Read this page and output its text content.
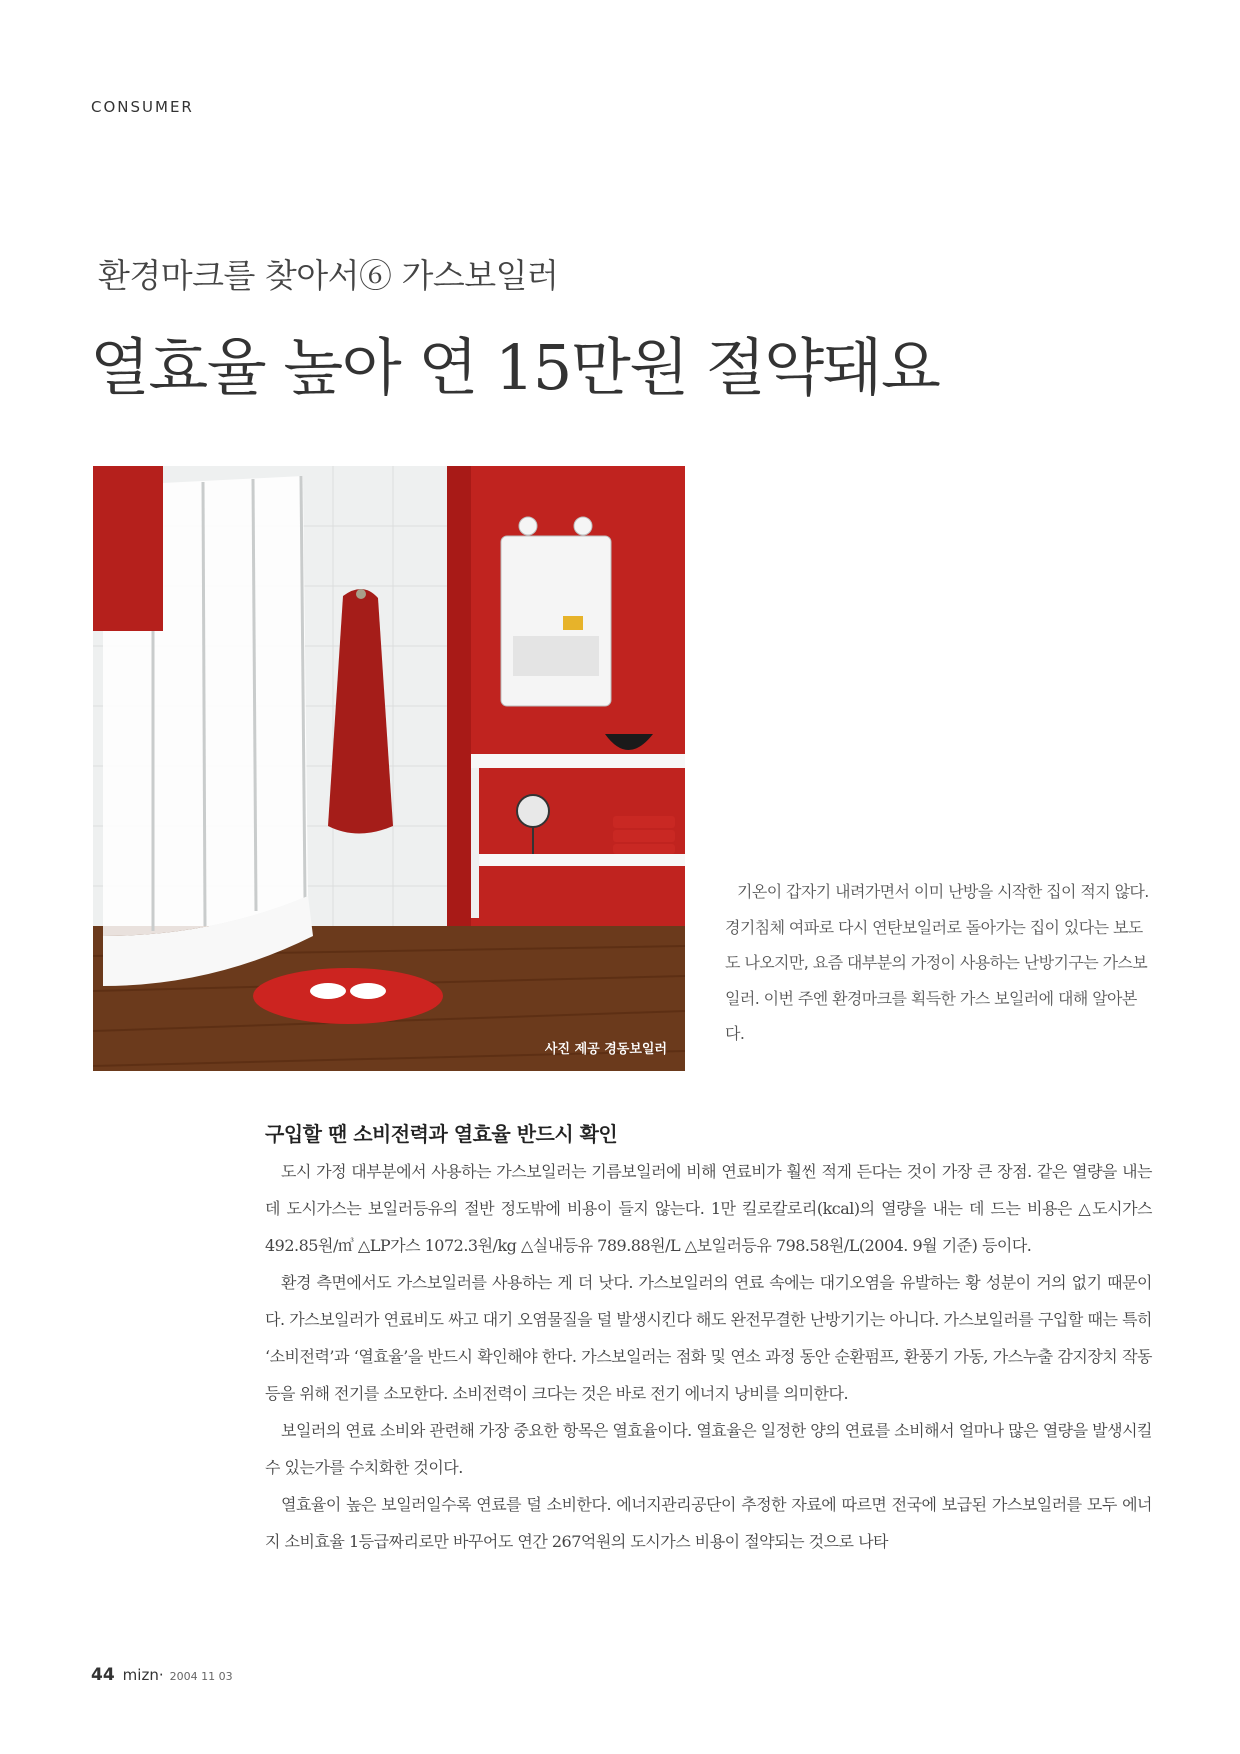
CONSUMER
환경마크를 찾아서⑥ 가스보일러
열효율 높아 연 15만원 절약돼요
사진 제공 경동보일러
기온이 갑자기 내려가면서 이미 난방을 시작한 집이 적지 않다. 경기침체 여파로 다시 연탄보일러로 돌아가는 집이 있다는 보도도 나오지만, 요즘 대부분의 가정이 사용하는 난방기구는 가스보일러. 이번 주엔 환경마크를 획득한 가스 보일러에 대해 알아본다.
구입할 땐 소비전력과 열효율 반드시 확인

도시 가정 대부분에서 사용하는 가스보일러는 기름보일러에 비해 연료비가 훨씬 적게 든다는 것이 가장 큰 장점. 같은 열량을 내는 데 도시가스는 보일러등유의 절반 정도밖에 비용이 들지 않는다. 1만 킬로칼로리(kcal)의 열량을 내는 데 드는 비용은 △도시가스 492.85원/㎥ △LP가스 1072.3원/kg △실내등유 789.88원/L △보일러등유 798.58원/L(2004. 9월 기준) 등이다.

환경 측면에서도 가스보일러를 사용하는 게 더 낫다. 가스보일러의 연료 속에는 대기오염을 유발하는 황 성분이 거의 없기 때문이다. 가스보일러가 연료비도 싸고 대기 오염물질을 덜 발생시킨다 해도 완전무결한 난방기기는 아니다. 가스보일러를 구입할 때는 특히 ‘소비전력’과 ‘열효율’을 반드시 확인해야 한다. 가스보일러는 점화 및 연소 과정 동안 순환펌프, 환풍기 가동, 가스누출 감지장치 작동 등을 위해 전기를 소모한다. 소비전력이 크다는 것은 바로 전기 에너지 낭비를 의미한다.

보일러의 연료 소비와 관련해 가장 중요한 항목은 열효율이다. 열효율은 일정한 양의 연료를 소비해서 얼마나 많은 열량을 발생시킬 수 있는가를 수치화한 것이다.

열효율이 높은 보일러일수록 연료를 덜 소비한다. 에너지관리공단이 추정한 자료에 따르면 전국에 보급된 가스보일러를 모두 에너지 소비효율 1등급짜리로만 바꾸어도 연간 267억원의 도시가스 비용이 절약되는 것으로 나타

44 mizn· 2004 11 03
